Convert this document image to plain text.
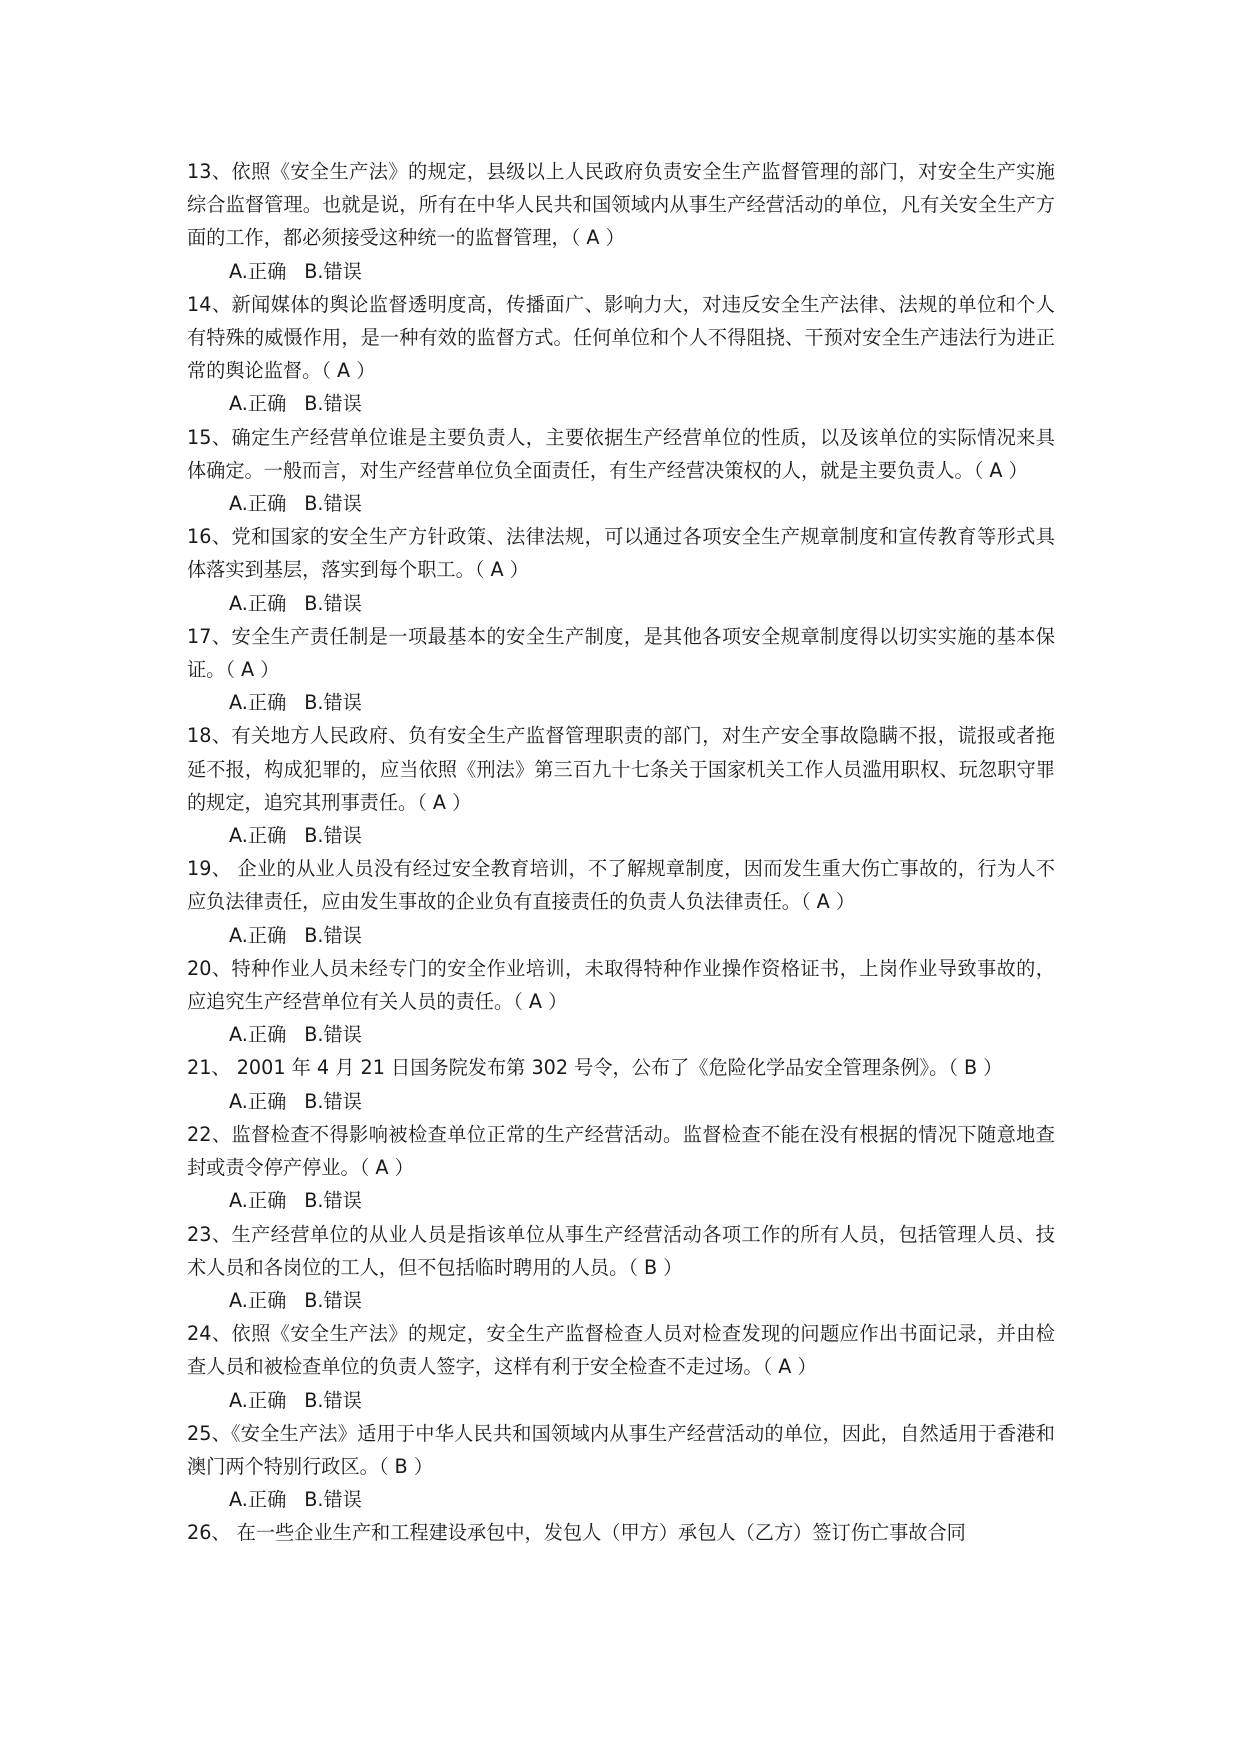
13、依照《安全生产法》的规定，县级以上人民政府负责安全生产监督管理的部门，对安全生产实施综合监督管理。也就是说，所有在中华人民共和国领域内从事生产经营活动的单位，凡有关安全生产方面的工作，都必须接受这种统一的监督管理，（ A ）

A.正确 B.错误

14、新闻媒体的舆论监督透明度高，传播面广、影响力大，对违反安全生产法律、法规的单位和个人有特殊的威慑作用，是一种有效的监督方式。任何单位和个人不得阻挠、干预对安全生产违法行为进正常的舆论监督。（ A ）

A.正确 B.错误

15、确定生产经营单位谁是主要负责人，主要依据生产经营单位的性质，以及该单位的实际情况来具体确定。一般而言，对生产经营单位负全面责任，有生产经营决策权的人，就是主要负责人。（ A ）

A.正确 B.错误

16、党和国家的安全生产方针政策、法律法规，可以通过各项安全生产规章制度和宣传教育等形式具体落实到基层，落实到每个职工。（ A ）

A.正确 B.错误

17、安全生产责任制是一项最基本的安全生产制度，是其他各项安全规章制度得以切实实施的基本保证。（ A ）

A.正确 B.错误

18、有关地方人民政府、负有安全生产监督管理职责的部门，对生产安全事故隐瞒不报，谎报或者拖延不报，构成犯罪的，应当依照《刑法》第三百九十七条关于国家机关工作人员滥用职权、玩忽职守罪的规定，追究其刑事责任。（ A ）

A.正确 B.错误

19、 企业的从业人员没有经过安全教育培训，不了解规章制度，因而发生重大伤亡事故的，行为人不应负法律责任，应由发生事故的企业负有直接责任的负责人负法律责任。（ A ）

A.正确 B.错误

20、特种作业人员未经专门的安全作业培训，未取得特种作业操作资格证书，上岗作业导致事故的，应追究生产经营单位有关人员的责任。（ A ）

A.正确 B.错误

21、 2001 年 4 月 21 日国务院发布第 302 号令，公布了《危险化学品安全管理条例》。（ B ）

A.正确 B.错误

22、监督检查不得影响被检查单位正常的生产经营活动。监督检查不能在没有根据的情况下随意地查封或责令停产停业。（ A ）

A.正确 B.错误

23、生产经营单位的从业人员是指该单位从事生产经营活动各项工作的所有人员，包括管理人员、技术人员和各岗位的工人，但不包括临时聘用的人员。（ B ）

A.正确 B.错误

24、依照《安全生产法》的规定，安全生产监督检查人员对检查发现的问题应作出书面记录，并由检查人员和被检查单位的负责人签字，这样有利于安全检查不走过场。（ A ）

A.正确 B.错误

25、《安全生产法》适用于中华人民共和国领域内从事生产经营活动的单位，因此，自然适用于香港和澳门两个特别行政区。（ B ）

A.正确 B.错误

26、 在一些企业生产和工程建设承包中，发包人（甲方）承包人（乙方）签订伤亡事故合同
